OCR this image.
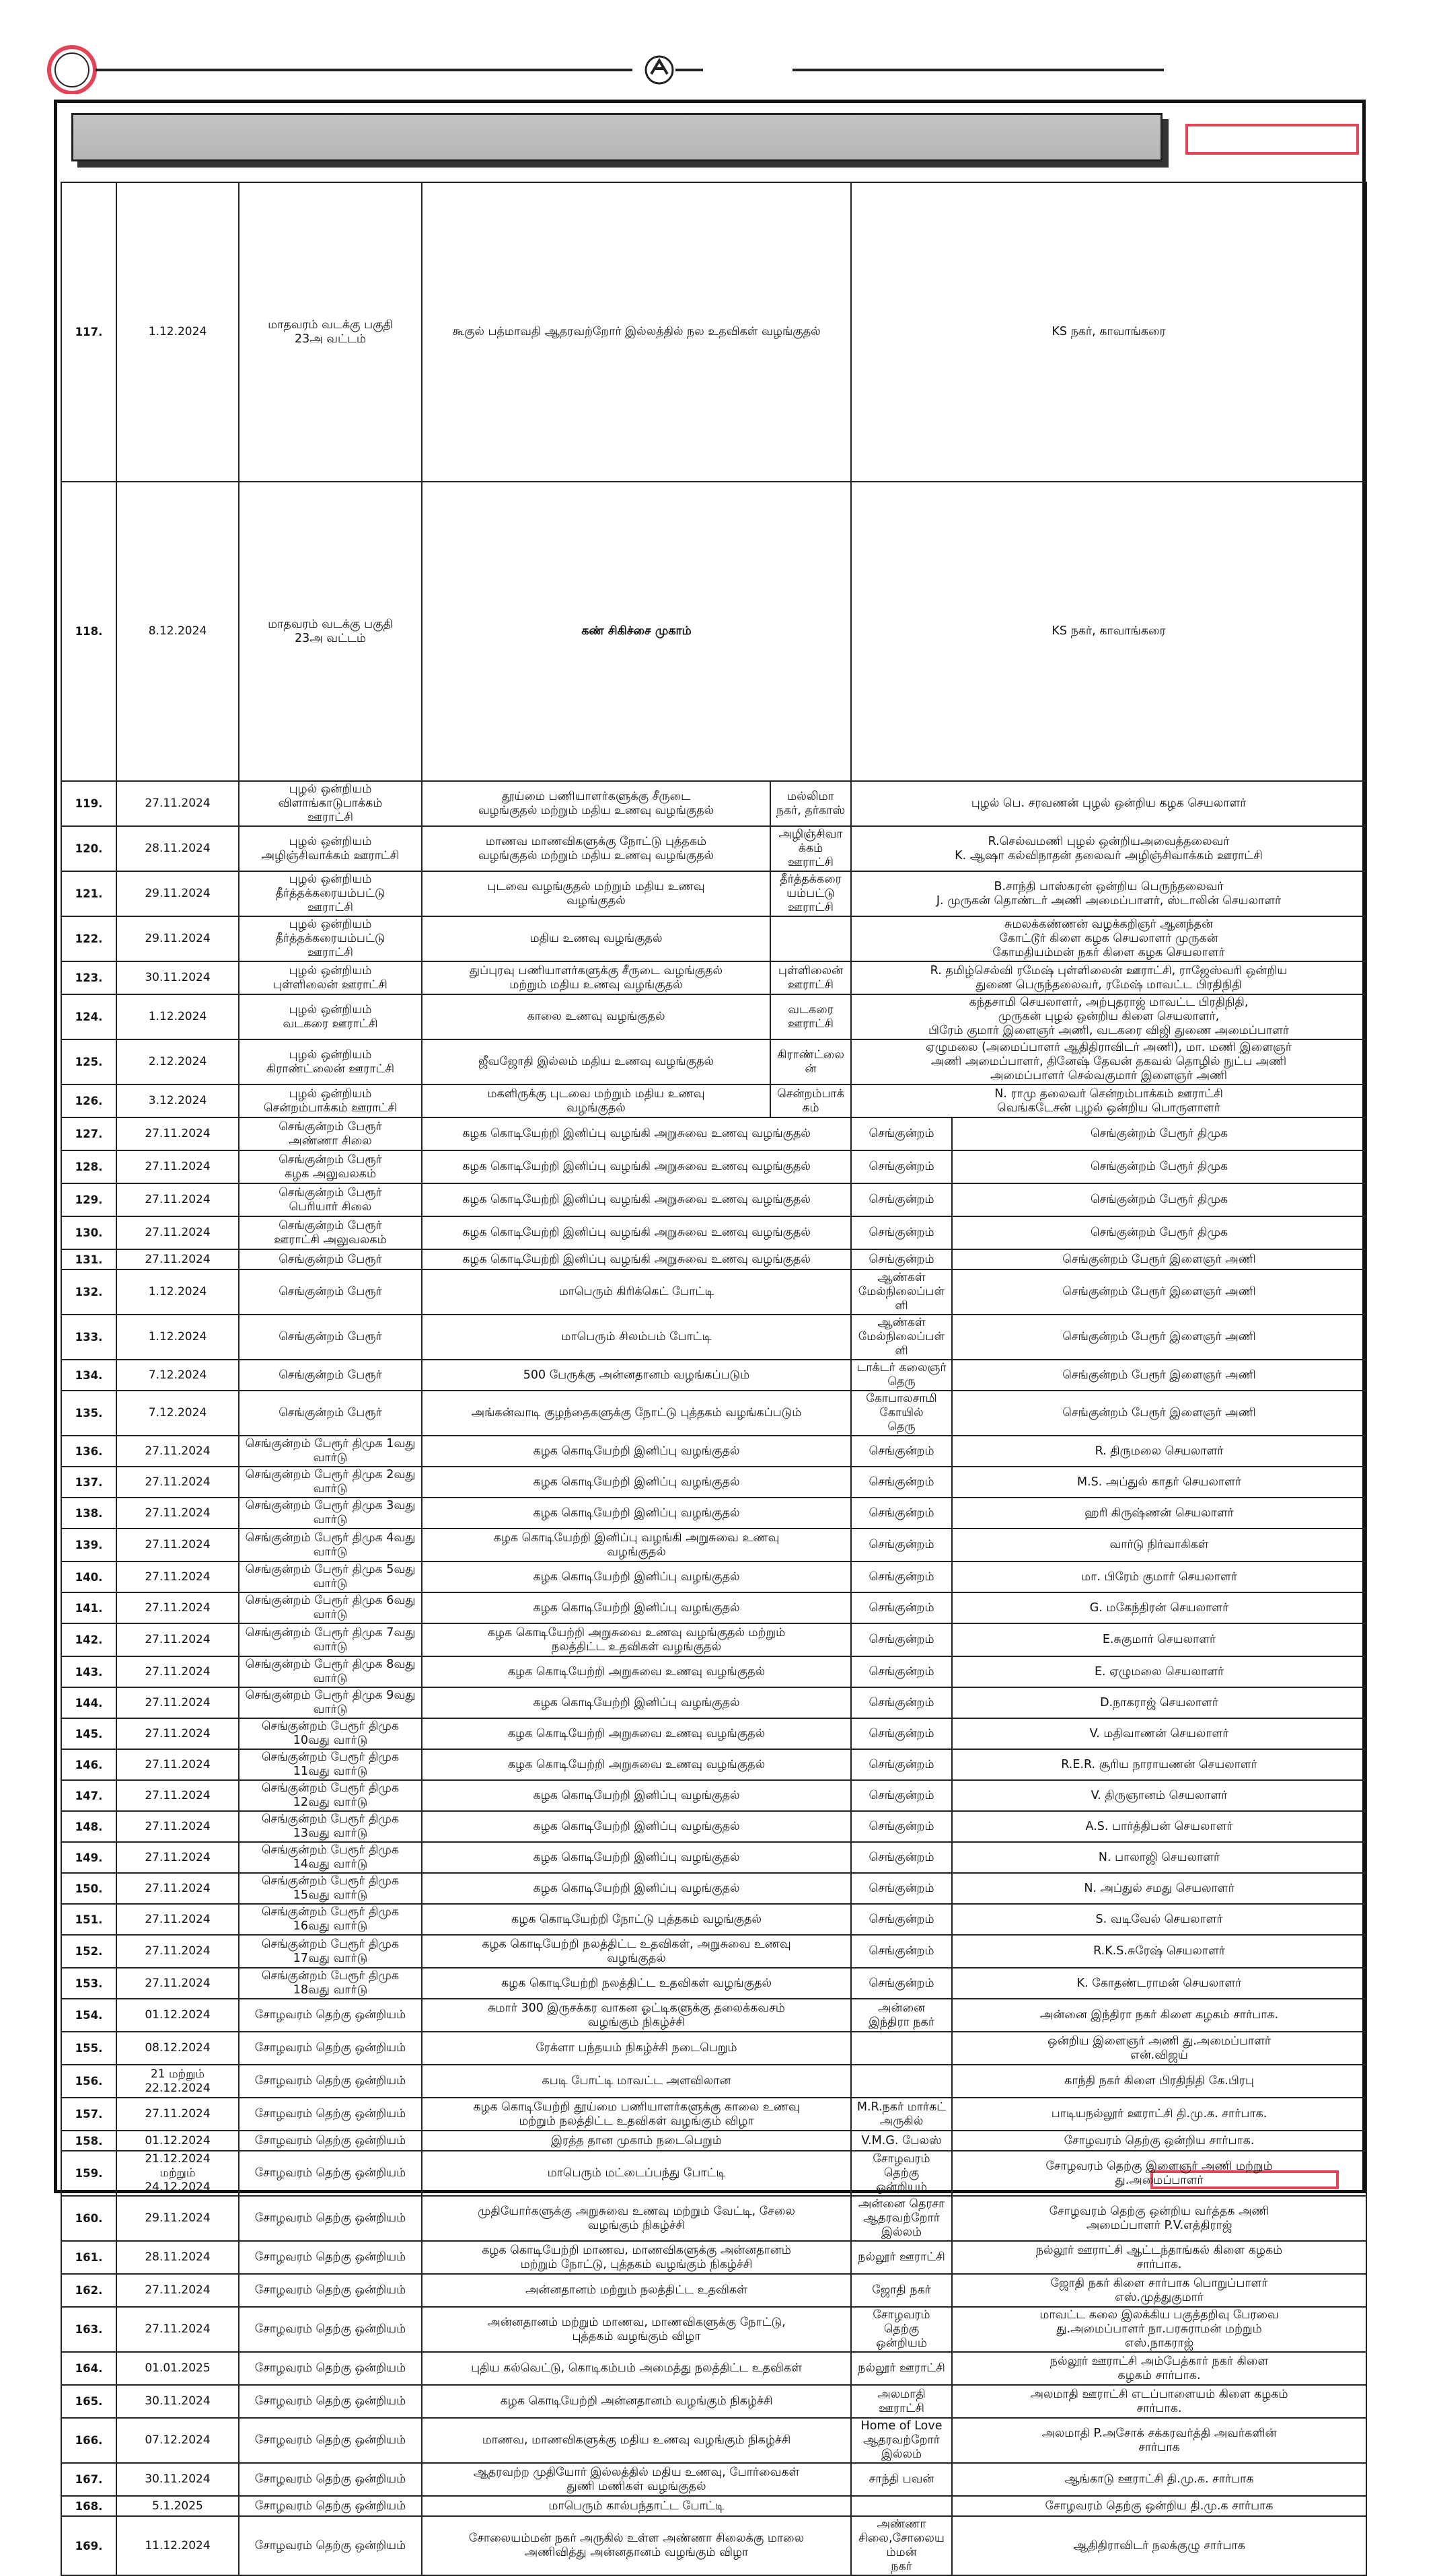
117.	1.12.2024	மாதவரம் வடக்கு பகுதி
23அ வட்டம்	கூகுல் பத்மாவதி ஆதரவற்றோர் இல்லத்தில் நல உதவிகள் வழங்குதல்		KS நகர், காவாங்கரை	
118.	8.12.2024	மாதவரம் வடக்கு பகுதி
23அ வட்டம்	கண் சிகிச்சை முகாம்		KS நகர், காவாங்கரை	
119.	27.11.2024	புழல் ஒன்றியம்
விளாங்காடுபாக்கம்
ஊராட்சி	தூய்மை பணியாளர்களுக்கு சீருடை
வழங்குதல் மற்றும் மதிய உணவு வழங்குதல்	மல்லிமா நகர், தர்காஸ்	புழல் பெ. சரவணன் புழல் ஒன்றிய கழக செயலாளர்		
120.	28.11.2024	புழல் ஒன்றியம்
அழிஞ்சிவாக்கம் ஊராட்சி	மாணவ மாணவிகளுக்கு நோட்டு புத்தகம்
வழங்குதல் மற்றும் மதிய உணவு வழங்குதல்	அழிஞ்சிவாக்கம்
ஊராட்சி	R.செல்வமணி புழல் ஒன்றியஅவைத்தலைவர்
K. ஆஷா கல்விநாதன் தலைவர் அழிஞ்சிவாக்கம் ஊராட்சி		
121.	29.11.2024	புழல் ஒன்றியம்
தீர்த்தக்கரையம்பட்டு
ஊராட்சி	புடவை வழங்குதல் மற்றும் மதிய உணவு
வழங்குதல்	தீர்த்தக்கரையம்பட்டு
ஊராட்சி	B.சாந்தி பாஸ்கரன் ஒன்றிய பெருந்தலைவர்
J. முருகன் தொண்டர் அணி அமைப்பாளர், ஸ்டாலின் செயலாளர்		
122.	29.11.2024	புழல் ஒன்றியம்
தீர்த்தக்கரையம்பட்டு
ஊராட்சி	மதிய உணவு வழங்குதல்		சுமலக்கண்ணன் வழக்கறிஞர் ஆனந்தன்
கோட்டூர் கிளை கழக செயலாளர் முருகன்
கோமதியம்மன் நகர் கிளை கழக செயலாளர்		
123.	30.11.2024	புழல் ஒன்றியம்
புள்ளிலைன் ஊராட்சி	துப்புரவு பணியாளர்களுக்கு சீருடை வழங்குதல்
மற்றும் மதிய உணவு வழங்குதல்	புள்ளிலைன் ஊராட்சி	R. தமிழ்செல்வி ரமேஷ் புள்ளிலைன் ஊராட்சி, ராஜேஸ்வரி ஒன்றிய
துணை பெருந்தலைவர், ரமேஷ் மாவட்ட பிரதிநிதி		
124.	1.12.2024	புழல் ஒன்றியம்
வடகரை ஊராட்சி	காலை உணவு வழங்குதல்	வடகரை ஊராட்சி	கந்தசாமி செயலாளர், அற்புதராஜ் மாவட்ட பிரதிநிதி,
முருகன் புழல் ஒன்றிய கிளை செயலாளர்,
பிரேம் குமார் இளைஞர் அணி, வடகரை விஜி துணை அமைப்பாளர்		
125.	2.12.2024	புழல் ஒன்றியம்
கிராண்ட்லைன் ஊராட்சி	ஜீவஜோதி இல்லம் மதிய உணவு வழங்குதல்	கிராண்ட்லைன்	ஏழுமலை (அமைப்பாளர் ஆதிதிராவிடர் அணி), மா. மணி இளைஞர்
அணி அமைப்பாளர், தினேஷ் தேவன் தகவல் தொழில் நுட்ப அணி
அமைப்பாளர் செல்வகுமார் இளைஞர் அணி		
126.	3.12.2024	புழல் ஒன்றியம்
சென்றம்பாக்கம் ஊராட்சி	மகளிருக்கு புடவை மற்றும் மதிய உணவு
வழங்குதல்	சென்றம்பாக்கம்	N. ராமு தலைவர் சென்றம்பாக்கம் ஊராட்சி
வெங்கடேசன் புழல் ஒன்றிய பொருளாளர்		
127.	27.11.2024	செங்குன்றம் பேரூர்
அண்ணா சிலை	கழக கொடியேற்றி இனிப்பு வழங்கி அறுசுவை உணவு வழங்குதல்		செங்குன்றம்	செங்குன்றம் பேரூர் திமுக	
128.	27.11.2024	செங்குன்றம் பேரூர்
கழக அலுவலகம்	கழக கொடியேற்றி இனிப்பு வழங்கி அறுசுவை உணவு வழங்குதல்		செங்குன்றம்	செங்குன்றம் பேரூர் திமுக	
129.	27.11.2024	செங்குன்றம் பேரூர்
பெரியார் சிலை	கழக கொடியேற்றி இனிப்பு வழங்கி அறுசுவை உணவு வழங்குதல்		செங்குன்றம்	செங்குன்றம் பேரூர் திமுக	
130.	27.11.2024	செங்குன்றம் பேரூர்
ஊராட்சி அலுவலகம்	கழக கொடியேற்றி இனிப்பு வழங்கி அறுசுவை உணவு வழங்குதல்		செங்குன்றம்	செங்குன்றம் பேரூர் திமுக	
131.	27.11.2024	செங்குன்றம் பேரூர்	கழக கொடியேற்றி இனிப்பு வழங்கி அறுசுவை உணவு வழங்குதல்		செங்குன்றம்	செங்குன்றம் பேரூர் இளைஞர் அணி	
132.	1.12.2024	செங்குன்றம் பேரூர்	மாபெரும் கிரிக்கெட் போட்டி		ஆண்கள்
மேல்நிலைப்பள்ளி	செங்குன்றம் பேரூர் இளைஞர் அணி	
133.	1.12.2024	செங்குன்றம் பேரூர்	மாபெரும் சிலம்பம் போட்டி		ஆண்கள்
மேல்நிலைப்பள்ளி	செங்குன்றம் பேரூர் இளைஞர் அணி	
134.	7.12.2024	செங்குன்றம் பேரூர்	500 பேருக்கு அன்னதானம் வழங்கப்படும்		டாக்டர் கலைஞர் தெரு	செங்குன்றம் பேரூர் இளைஞர் அணி	
135.	7.12.2024	செங்குன்றம் பேரூர்	அங்கன்வாடி குழந்தைகளுக்கு நோட்டு புத்தகம் வழங்கப்படும்		கோபாலசாமி கோயில்
தெரு	செங்குன்றம் பேரூர் இளைஞர் அணி	
136.	27.11.2024	செங்குன்றம் பேரூர் திமுக 1வது வார்டு	கழக கொடியேற்றி இனிப்பு வழங்குதல்		செங்குன்றம்	R. திருமலை செயலாளர்	
137.	27.11.2024	செங்குன்றம் பேரூர் திமுக 2வது வார்டு	கழக கொடியேற்றி இனிப்பு வழங்குதல்		செங்குன்றம்	M.S. அப்துல் காதர் செயலாளர்	
138.	27.11.2024	செங்குன்றம் பேரூர் திமுக 3வது வார்டு	கழக கொடியேற்றி இனிப்பு வழங்குதல்		செங்குன்றம்	ஹரி கிருஷ்ணன் செயலாளர்	
139.	27.11.2024	செங்குன்றம் பேரூர் திமுக 4வது வார்டு	கழக கொடியேற்றி இனிப்பு வழங்கி அறுசுவை உணவு
வழங்குதல்		செங்குன்றம்	வார்டு நிர்வாகிகள்	
140.	27.11.2024	செங்குன்றம் பேரூர் திமுக 5வது வார்டு	கழக கொடியேற்றி இனிப்பு வழங்குதல்		செங்குன்றம்	மா. பிரேம் குமார் செயலாளர்	
141.	27.11.2024	செங்குன்றம் பேரூர் திமுக 6வது வார்டு	கழக கொடியேற்றி இனிப்பு வழங்குதல்		செங்குன்றம்	G. மகேந்திரன் செயலாளர்	
142.	27.11.2024	செங்குன்றம் பேரூர் திமுக 7வது வார்டு	கழக கொடியேற்றி அறுசுவை உணவு வழங்குதல் மற்றும்
நலத்திட்ட உதவிகள் வழங்குதல்		செங்குன்றம்	E.சுகுமார் செயலாளர்	
143.	27.11.2024	செங்குன்றம் பேரூர் திமுக 8வது வார்டு	கழக கொடியேற்றி அறுசுவை உணவு வழங்குதல்		செங்குன்றம்	E. ஏழுமலை செயலாளர்	
144.	27.11.2024	செங்குன்றம் பேரூர் திமுக 9வது வார்டு	கழக கொடியேற்றி இனிப்பு வழங்குதல்		செங்குன்றம்	D.நாகராஜ் செயலாளர்	
145.	27.11.2024	செங்குன்றம் பேரூர் திமுக 10வது வார்டு	கழக கொடியேற்றி அறுசுவை உணவு வழங்குதல்		செங்குன்றம்	V. மதிவாணன் செயலாளர்	
146.	27.11.2024	செங்குன்றம் பேரூர் திமுக 11வது வார்டு	கழக கொடியேற்றி அறுசுவை உணவு வழங்குதல்		செங்குன்றம்	R.E.R. சூரிய நாராயணன் செயலாளர்	
147.	27.11.2024	செங்குன்றம் பேரூர் திமுக 12வது வார்டு	கழக கொடியேற்றி இனிப்பு வழங்குதல்		செங்குன்றம்	V. திருஞானம் செயலாளர்	
148.	27.11.2024	செங்குன்றம் பேரூர் திமுக 13வது வார்டு	கழக கொடியேற்றி இனிப்பு வழங்குதல்		செங்குன்றம்	A.S. பார்த்திபன் செயலாளர்	
149.	27.11.2024	செங்குன்றம் பேரூர் திமுக 14வது வார்டு	கழக கொடியேற்றி இனிப்பு வழங்குதல்		செங்குன்றம்	N. பாலாஜி செயலாளர்	
150.	27.11.2024	செங்குன்றம் பேரூர் திமுக 15வது வார்டு	கழக கொடியேற்றி இனிப்பு வழங்குதல்		செங்குன்றம்	N. அப்துல் சமது செயலாளர்	
151.	27.11.2024	செங்குன்றம் பேரூர் திமுக 16வது வார்டு	கழக கொடியேற்றி நோட்டு புத்தகம் வழங்குதல்		செங்குன்றம்	S. வடிவேல் செயலாளர்	
152.	27.11.2024	செங்குன்றம் பேரூர் திமுக 17வது வார்டு	கழக கொடியேற்றி நலத்திட்ட உதவிகள், அறுசுவை உணவு
வழங்குதல்		செங்குன்றம்	R.K.S.சுரேஷ் செயலாளர்	
153.	27.11.2024	செங்குன்றம் பேரூர் திமுக 18வது வார்டு	கழக கொடியேற்றி நலத்திட்ட உதவிகள் வழங்குதல்		செங்குன்றம்	K. கோதண்டராமன் செயலாளர்	
154.	01.12.2024	சோழவரம் தெற்கு ஒன்றியம்	சுமார் 300 இருசக்கர வாகன ஓட்டிகளுக்கு தலைக்கவசம்
வழங்கும் நிகழ்ச்சி		அன்னை இந்திரா நகர்	அன்னை இந்திரா நகர் கிளை கழகம் சார்பாக.	
155.	08.12.2024	சோழவரம் தெற்கு ஒன்றியம்	ரேக்ளா பந்தயம் நிகழ்ச்சி நடைபெறும்			ஒன்றிய இளைஞர் அணி து.அமைப்பாளர்
என்.விஜய்	
156.	21 மற்றும்
22.12.2024	சோழவரம் தெற்கு ஒன்றியம்	கபடி போட்டி மாவட்ட அளவிலான			காந்தி நகர் கிளை பிரதிநிதி கே.பிரபு	
157.	27.11.2024	சோழவரம் தெற்கு ஒன்றியம்	கழக கொடியேற்றி தூய்மை பணியாளர்களுக்கு காலை உணவு
மற்றும் நலத்திட்ட உதவிகள் வழங்கும் விழா		M.R.நகர் மார்கட்
அருகில்	பாடியநல்லூர் ஊராட்சி தி.மு.க. சார்பாக.	
158.	01.12.2024	சோழவரம் தெற்கு ஒன்றியம்	இரத்த தான முகாம் நடைபெறும்		V.M.G. பேலஸ்	சோழவரம் தெற்கு ஒன்றிய சார்பாக.	
159.	21.12.2024
மற்றும்
24.12.2024	சோழவரம் தெற்கு ஒன்றியம்	மாபெரும் மட்டைப்பந்து போட்டி		சோழவரம் தெற்கு
ஒன்றியம்	சோழவரம் தெற்கு இளைஞர் அணி மற்றும்
து.அமைப்பாளர்	
160.	29.11.2024	சோழவரம் தெற்கு ஒன்றியம்	முதியோர்களுக்கு அறுசுவை உணவு மற்றும் வேட்டி, சேலை
வழங்கும் நிகழ்ச்சி		அன்னை தெரசா
ஆதரவற்றோர் இல்லம்	சோழவரம் தெற்கு ஒன்றிய வர்த்தக அணி
அமைப்பாளர் P.V.எத்திராஜ்	
161.	28.11.2024	சோழவரம் தெற்கு ஒன்றியம்	கழக கொடியேற்றி மாணவ, மாணவிகளுக்கு அன்னதானம்
மற்றும் நோட்டு, புத்தகம் வழங்கும் நிகழ்ச்சி		நல்லூர் ஊராட்சி	நல்லூர் ஊராட்சி ஆட்டந்தாங்கல் கிளை கழகம்
சார்பாக.	
162.	27.11.2024	சோழவரம் தெற்கு ஒன்றியம்	அன்னதானம் மற்றும் நலத்திட்ட உதவிகள்		ஜோதி நகர்	ஜோதி நகர் கிளை சார்பாக பொறுப்பாளர்
எஸ்.முத்துகுமார்	
163.	27.11.2024	சோழவரம் தெற்கு ஒன்றியம்	அன்னதானம் மற்றும் மாணவ, மாணவிகளுக்கு நோட்டு,
புத்தகம் வழங்கும் விழா		சோழவரம் தெற்கு
ஒன்றியம்	மாவட்ட கலை இலக்கிய பகுத்தறிவு பேரவை
து.அமைப்பாளர் நா.பரசுராமன் மற்றும்
எஸ்.நாகராஜ்	
164.	01.01.2025	சோழவரம் தெற்கு ஒன்றியம்	புதிய கல்வெட்டு, கொடிகம்பம் அமைத்து நலத்திட்ட உதவிகள்		நல்லூர் ஊராட்சி	நல்லூர் ஊராட்சி அம்பேத்கார் நகர் கிளை
கழகம் சார்பாக.	
165.	30.11.2024	சோழவரம் தெற்கு ஒன்றியம்	கழக கொடியேற்றி அன்னதானம் வழங்கும் நிகழ்ச்சி		அலமாதி ஊராட்சி	அலமாதி ஊராட்சி எடப்பாளையம் கிளை கழகம்
சார்பாக.	
166.	07.12.2024	சோழவரம் தெற்கு ஒன்றியம்	மாணவ, மாணவிகளுக்கு மதிய உணவு வழங்கும் நிகழ்ச்சி		Home of Love
ஆதரவற்றோர் இல்லம்	அலமாதி P.அசோக் சக்கரவர்த்தி அவர்களின்
சார்பாக	
167.	30.11.2024	சோழவரம் தெற்கு ஒன்றியம்	ஆதரவற்ற முதியோர் இல்லத்தில் மதிய உணவு, போர்வைகள்
துணி மணிகள் வழங்குதல்		சாந்தி பவன்	ஆங்காடு ஊராட்சி தி.மு.க. சார்பாக	
168.	5.1.2025	சோழவரம் தெற்கு ஒன்றியம்	மாபெரும் கால்பந்தாட்ட போட்டி			சோழவரம் தெற்கு ஒன்றிய தி.மு.க சார்பாக	
169.	11.12.2024	சோழவரம் தெற்கு ஒன்றியம்	சோலையம்மன் நகர் அருகில் உள்ள அண்ணா சிலைக்கு மாலை
அணிவித்து அன்னதானம் வழங்கும் விழா		அண்ணா
சிலை,சோலையம்மன்
நகர்	ஆதிதிராவிடர் நலக்குழு சார்பாக	
